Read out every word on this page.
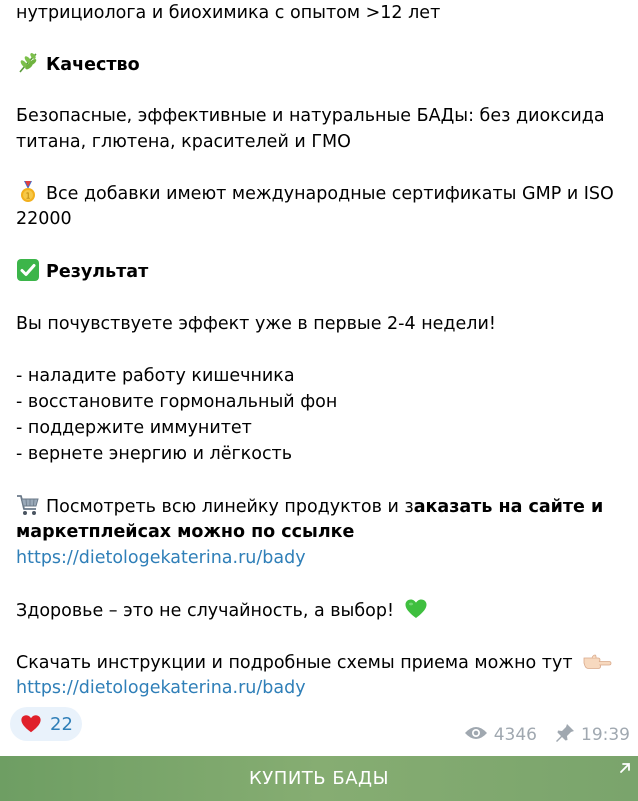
нутрициолога и биохимика с опытом >12 лет
Качество
Безопасные, эффективные и натуральные БАДы: без диоксида
титана, глютена, красителей и ГМО
1 Все добавки имеют международные сертификаты GMP и ISO
22000
Результат
Вы почувствуете эффект уже в первые 2-4 недели!
- наладите работу кишечника
- восстановите гормональный фон
- поддержите иммунитет
- вернете энергию и лёгкость
Посмотреть всю линейку продуктов и заказать на сайте и
маркетплейсах можно по ссылке
https://dietologekaterina.ru/bady
Здоровье – это не случайность, а выбор!
Скачать инструкции и подробные схемы приема можно тут
https://dietologekaterina.ru/bady
22
4346	19:39
КУПИТЬ БАДЫ
